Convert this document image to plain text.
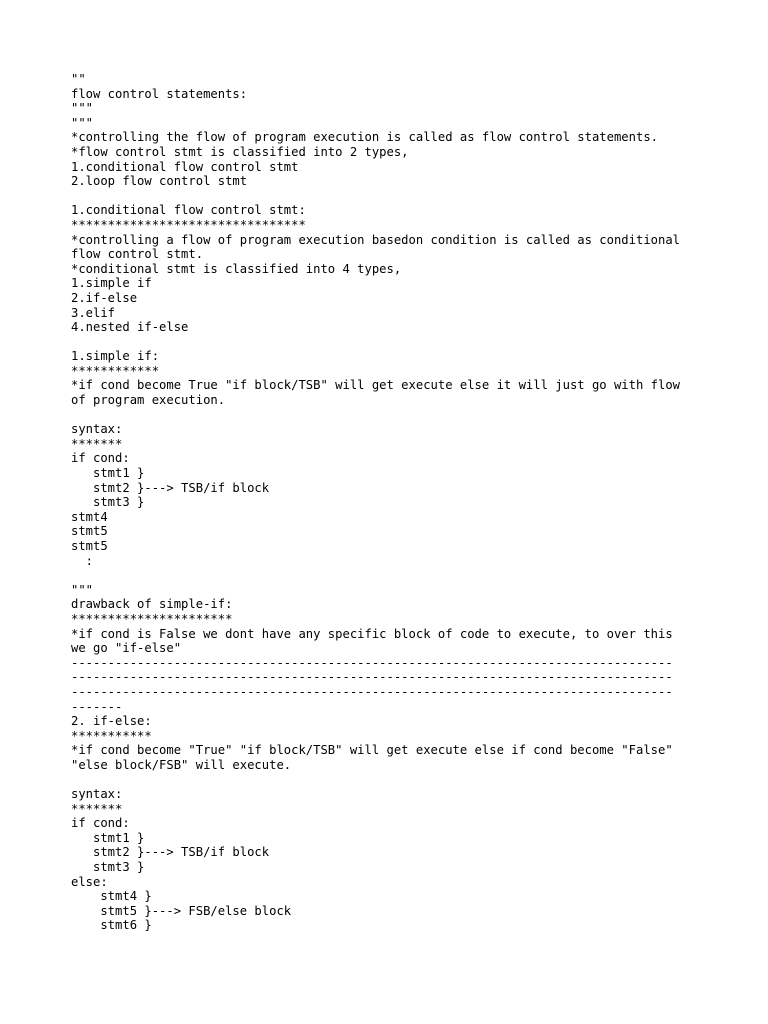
""
flow control statements:
"""
"""
*controlling the flow of program execution is called as flow control statements.
*flow control stmt is classified into 2 types,
1.conditional flow control stmt
2.loop flow control stmt
1.conditional flow control stmt:
********************************
*controlling a flow of program execution basedon condition is called as conditional
flow control stmt.
*conditional stmt is classified into 4 types,
1.simple if
2.if-else
3.elif
4.nested if-else
1.simple if:
************
*if cond become True "if block/TSB" will get execute else it will just go with flow
of program execution.
syntax:
*******
if cond:
stmt1 }
stmt2 }---> TSB/if block
stmt3 }
stmt4
stmt5
stmt5
:
"""
drawback of simple-if:
**********************
*if cond is False we dont have any specific block of code to execute, to over this
we go "if-else"
----------------------------------------------------------------------------------
----------------------------------------------------------------------------------
----------------------------------------------------------------------------------
-------
2. if-else:
***********
*if cond become "True" "if block/TSB" will get execute else if cond become "False"
"else block/FSB" will execute.
syntax:
*******
if cond:
stmt1 }
stmt2 }---> TSB/if block
stmt3 }
else:
stmt4 }
stmt5 }---> FSB/else block
stmt6 }
